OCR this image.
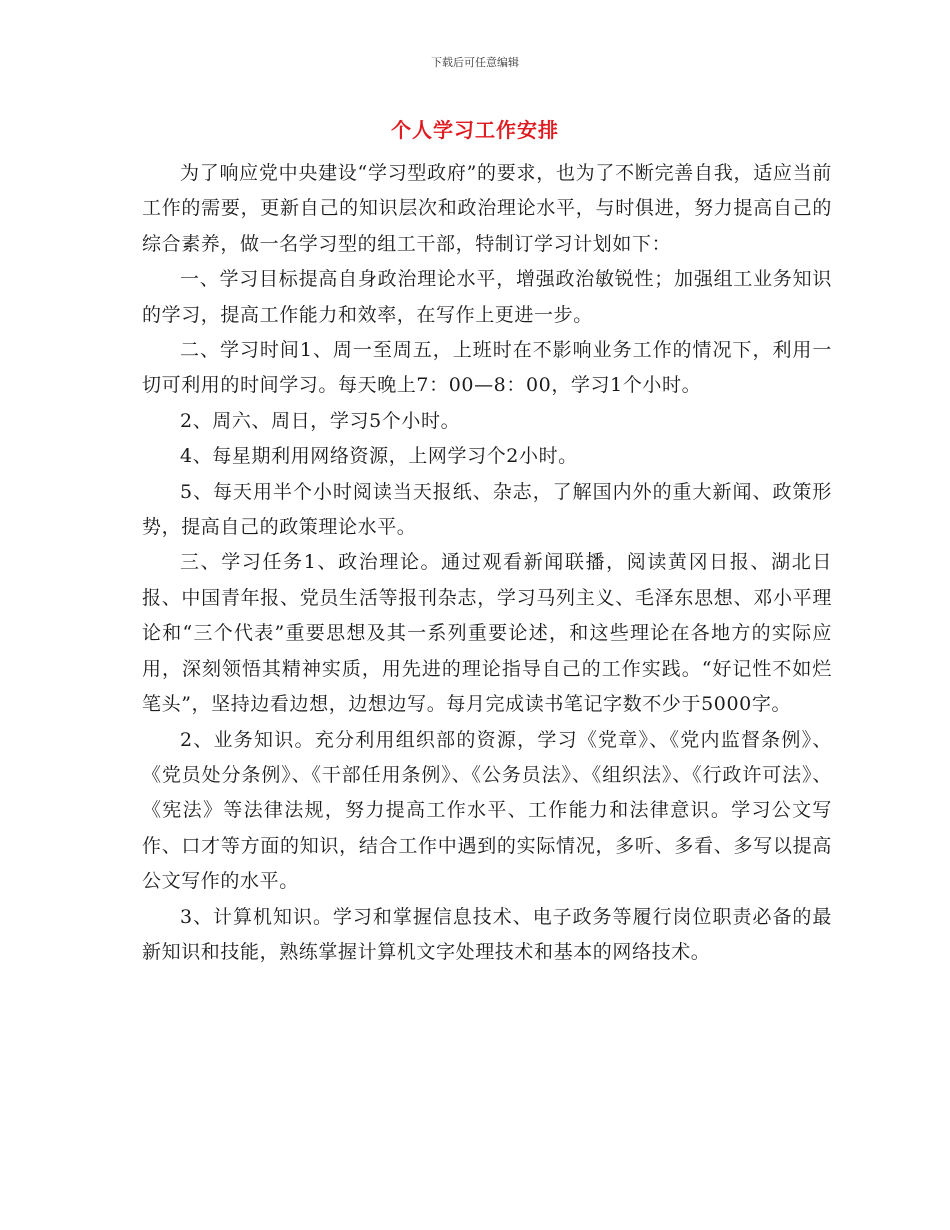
下载后可任意编辑
个人学习工作安排

为了响应党中央建设“学习型政府”的要求，也为了不断完善自我，适应当前工作的需要，更新自己的知识层次和政治理论水平，与时俱进，努力提高自己的综合素养，做一名学习型的组工干部，特制订学习计划如下：

一、学习目标提高自身政治理论水平，增强政治敏锐性；加强组工业务知识的学习，提高工作能力和效率，在写作上更进一步。

二、学习时间1、周一至周五，上班时在不影响业务工作的情况下，利用一切可利用的时间学习。每天晚上7：00—8：00，学习1个小时。

2、周六、周日，学习5个小时。

4、每星期利用网络资源，上网学习个2小时。

5、每天用半个小时阅读当天报纸、杂志，了解国内外的重大新闻、政策形势，提高自己的政策理论水平。

三、学习任务1、政治理论。通过观看新闻联播，阅读黄冈日报、湖北日报、中国青年报、党员生活等报刊杂志，学习马列主义、毛泽东思想、邓小平理论和“三个代表”重要思想及其一系列重要论述，和这些理论在各地方的实际应用，深刻领悟其精神实质，用先进的理论指导自己的工作实践。“好记性不如烂笔头”，坚持边看边想，边想边写。每月完成读书笔记字数不少于5000字。

2、业务知识。充分利用组织部的资源，学习《党章》、《党内监督条例》、《党员处分条例》、《干部任用条例》、《公务员法》、《组织法》、《行政许可法》、《宪法》等法律法规，努力提高工作水平、工作能力和法律意识。学习公文写作、口才等方面的知识，结合工作中遇到的实际情况，多听、多看、多写以提高公文写作的水平。

3、计算机知识。学习和掌握信息技术、电子政务等履行岗位职责必备的最新知识和技能，熟练掌握计算机文字处理技术和基本的网络技术。
